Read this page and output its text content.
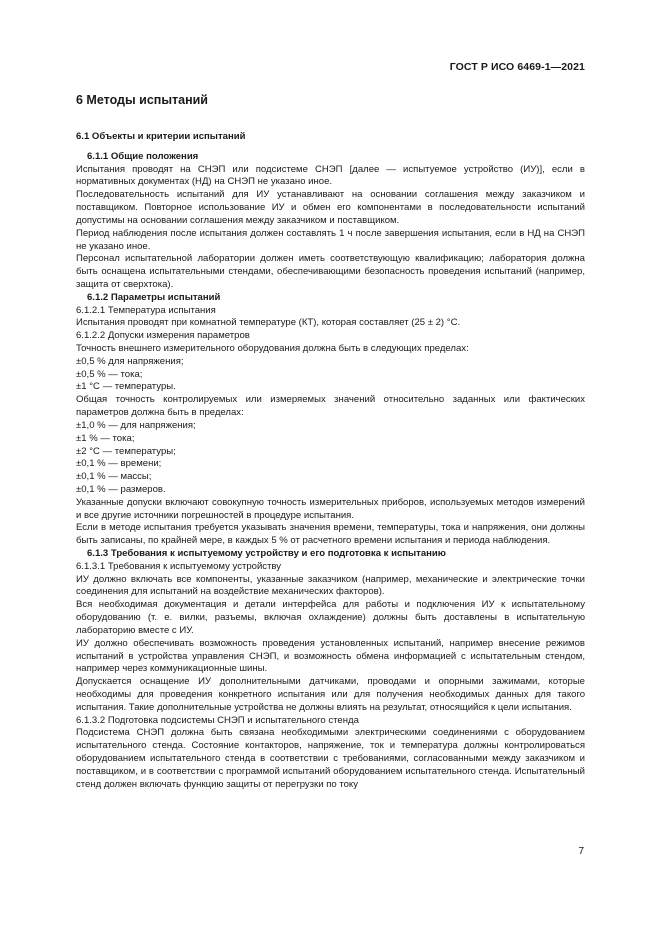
ГОСТ Р ИСО 6469-1—2021
6 Методы испытаний
6.1 Объекты и критерии испытаний
6.1.1 Общие положения
Испытания проводят на СНЭП или подсистеме СНЭП [далее — испытуемое устройство (ИУ)], если в нормативных документах (НД) на СНЭП не указано иное.
Последовательность испытаний для ИУ устанавливают на основании соглашения между заказчиком и поставщиком. Повторное использование ИУ и обмен его компонентами в последовательности испытаний допустимы на основании соглашения между заказчиком и поставщиком.
Период наблюдения после испытания должен составлять 1 ч после завершения испытания, если в НД на СНЭП не указано иное.
Персонал испытательной лаборатории должен иметь соответствующую квалификацию; лаборатория должна быть оснащена испытательными стендами, обеспечивающими безопасность проведения испытаний (например, защита от сверхтока).
6.1.2 Параметры испытаний
6.1.2.1 Температура испытания
Испытания проводят при комнатной температуре (КТ), которая составляет (25 ± 2) °С.
6.1.2.2 Допуски измерения параметров
Точность внешнего измерительного оборудования должна быть в следующих пределах:
±0,5 % для напряжения;
±0,5 % — тока;
±1 °С — температуры.
Общая точность контролируемых или измеряемых значений относительно заданных или фактических параметров должна быть в пределах:
±1,0 % — для напряжения;
±1 % — тока;
±2 °С — температуры;
±0,1 % — времени;
±0,1 % — массы;
±0,1 % — размеров.
Указанные допуски включают совокупную точность измерительных приборов, используемых методов измерений и все другие источники погрешностей в процедуре испытания.
Если в методе испытания требуется указывать значения времени, температуры, тока и напряжения, они должны быть записаны, по крайней мере, в каждых 5 % от расчетного времени испытания и периода наблюдения.
6.1.3 Требования к испытуемому устройству и его подготовка к испытанию
6.1.3.1 Требования к испытуемому устройству
ИУ должно включать все компоненты, указанные заказчиком (например, механические и электрические точки соединения для испытаний на воздействие механических факторов).
Вся необходимая документация и детали интерфейса для работы и подключения ИУ к испытательному оборудованию (т. е. вилки, разъемы, включая охлаждение) должны быть доставлены в испытательную лабораторию вместе с ИУ.
ИУ должно обеспечивать возможность проведения установленных испытаний, например внесение режимов испытаний в устройства управления СНЭП, и возможность обмена информацией с испытательным стендом, например через коммуникационные шины.
Допускается оснащение ИУ дополнительными датчиками, проводами и опорными зажимами, которые необходимы для проведения конкретного испытания или для получения необходимых данных для такого испытания. Такие дополнительные устройства не должны влиять на результат, относящийся к цели испытания.
6.1.3.2 Подготовка подсистемы СНЭП и испытательного стенда
Подсистема СНЭП должна быть связана необходимыми электрическими соединениями с оборудованием испытательного стенда. Состояние контакторов, напряжение, ток и температура должны контролироваться оборудованием испытательного стенда в соответствии с требованиями, согласованными между заказчиком и поставщиком, и в соответствии с программой испытаний оборудованием испытательного стенда. Испытательный стенд должен включать функцию защиты от перегрузки по току
7
